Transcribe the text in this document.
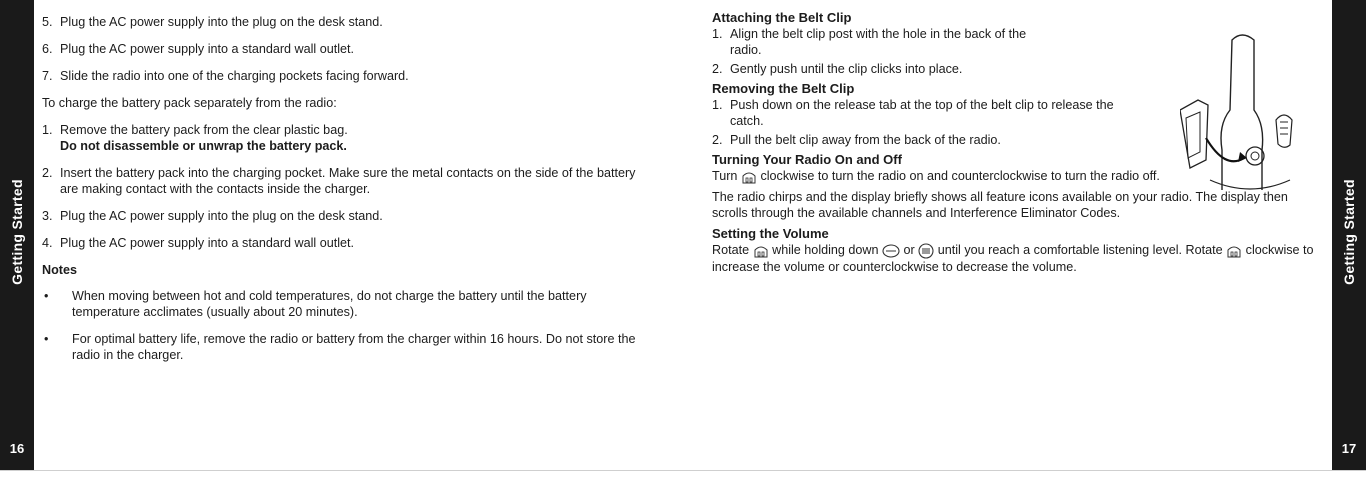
Getting Started
16
Getting Started
17
5. Plug the AC power supply into the plug on the desk stand.
6. Plug the AC power supply into a standard wall outlet.
7. Slide the radio into one of the charging pockets facing forward.
To charge the battery pack separately from the radio:
1. Remove the battery pack from the clear plastic bag.
Do not disassemble or unwrap the battery pack.
2. Insert the battery pack into the charging pocket. Make sure the metal contacts on the side of the battery are making contact with the contacts inside the charger.
3. Plug the AC power supply into the plug on the desk stand.
4. Plug the AC power supply into a standard wall outlet.
Notes
•	When moving between hot and cold temperatures, do not charge the battery until the battery temperature acclimates (usually about 20 minutes).
•	For optimal battery life, remove the radio or battery from the charger within 16 hours. Do not store the radio in the charger.
Attaching the Belt Clip
1. Align the belt clip post with the hole in the back of the radio.
2. Gently push until the clip clicks into place.
Removing the Belt Clip
1. Push down on the release tab at the top of the belt clip to release the catch.
2. Pull the belt clip away from the back of the radio.
Turning Your Radio On and Off
Turn clockwise to turn the radio on and counterclockwise to turn the radio off.
The radio chirps and the display briefly shows all feature icons available on your radio. The display then scrolls through the available channels and Interference Eliminator Codes.
Setting the Volume
Rotate while holding down or until you reach a comfortable listening level. Rotate clockwise to increase the volume or counterclockwise to decrease the volume.
